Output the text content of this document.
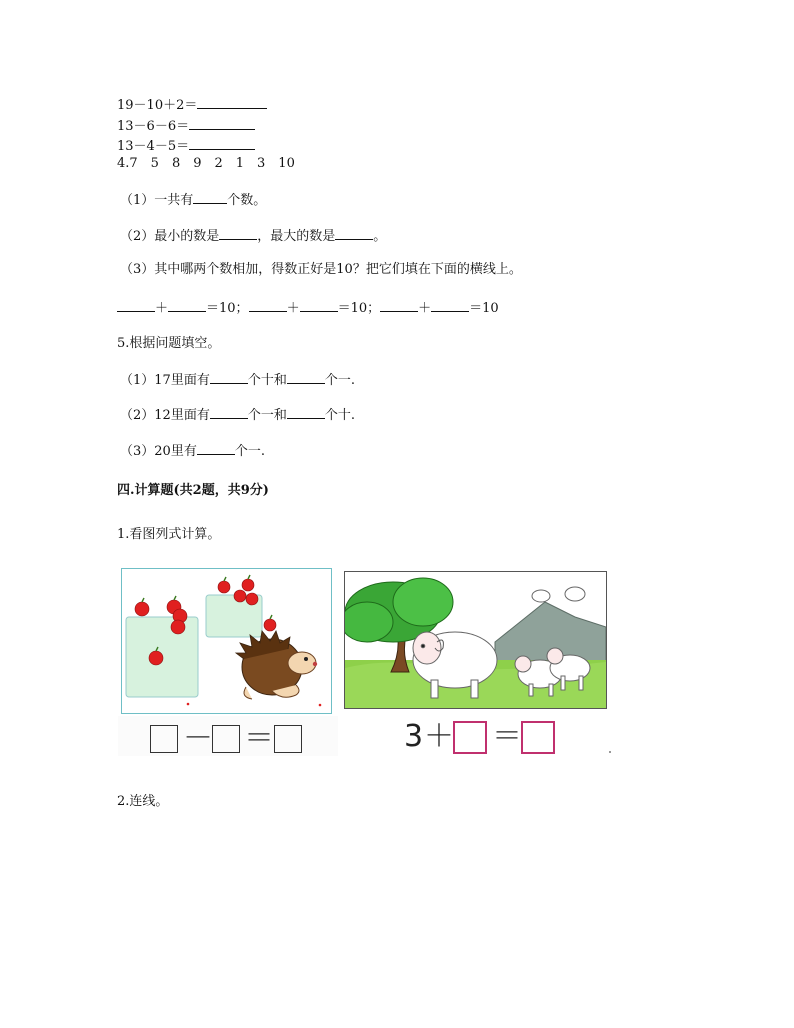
19－10＋2＝
13－6－6＝
13－4－5＝
4.7　5　8　9　2　1　3　10
（1）一共有	个数。
（2）最小的数是	，最大的数是	。
（3）其中哪两个数相加，得数正好是10？把它们填在下面的横线上。
＋	＝10；	＋	＝10；	＋	＝10
5.根据问题填空。
（1）17里面有	个十和	个一.
（2）12里面有	个一和	个十.
（3）20里有	个一.
四.计算题(共2题，共9分)
1.看图列式计算。
－ ＝	3 ＋ ＝
2.连线。
